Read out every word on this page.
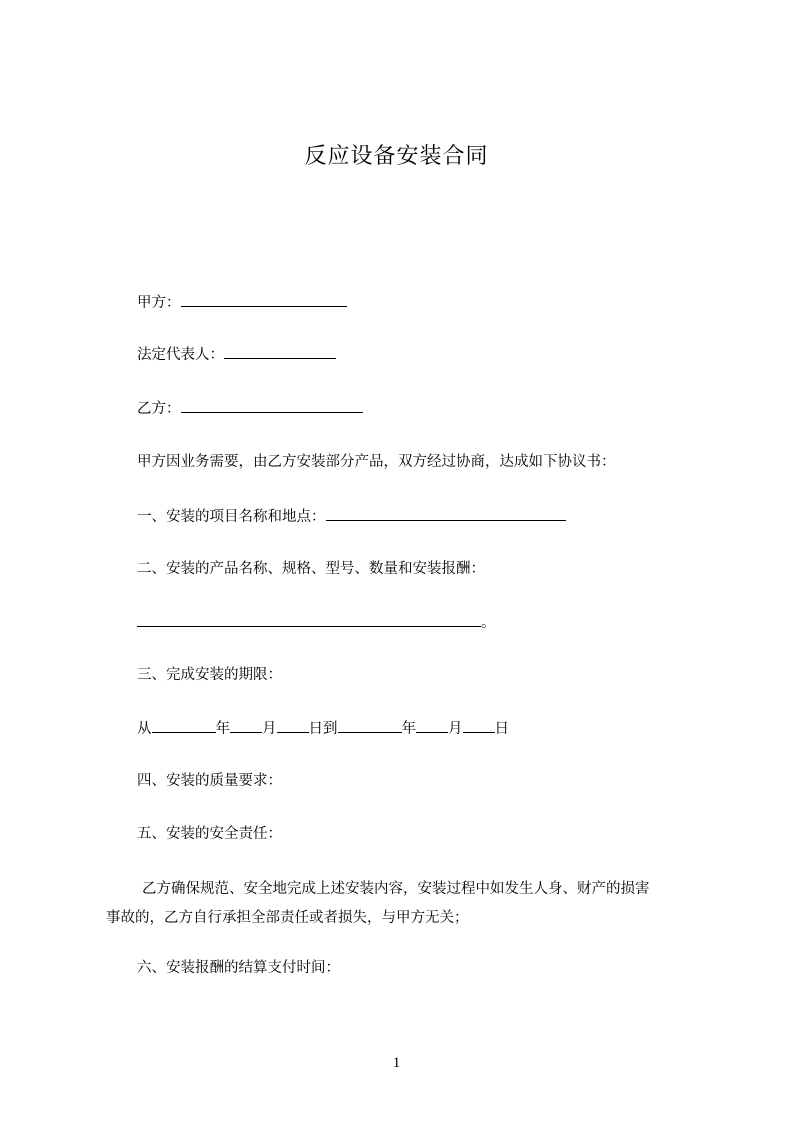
反应设备安装合同
甲方：
法定代表人：
乙方：
甲方因业务需要，由乙方安装部分产品，双方经过协商，达成如下协议书：
一、安装的项目名称和地点：
二、安装的产品名称、规格、型号、数量和安装报酬：
。
三、完成安装的期限：
从	年 月 日到	年 月 日
四、安装的质量要求：
五、安装的安全责任：
乙方确保规范、安全地完成上述安装内容，安装过程中如发生人身、财产的损害
事故的，乙方自行承担全部责任或者损失，与甲方无关；
六、安装报酬的结算支付时间：
1
